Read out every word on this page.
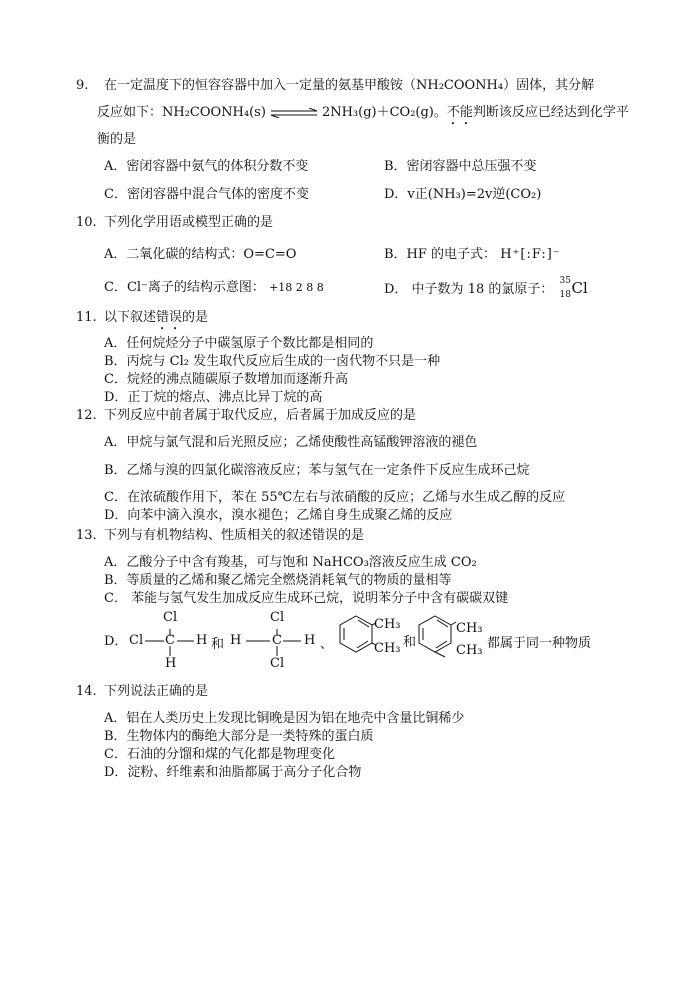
9. 在一定温度下的恒容容器中加入一定量的氨基甲酸铵（NH₂COONH₄）固体，其分解
反应如下：NH₂COONH₄(s) ⇌ 2NH₃(g)＋CO₂(g)。不能判断该反应已经达到化学平
衡的是
A．密闭容器中氨气的体积分数不变	B．密闭容器中总压强不变
C．密闭容器中混合气体的密度不变	D．v正(NH₃)=2v逆(CO₂)
10. 下列化学用语或模型正确的是
A．二氧化碳的结构式：O=C=O	B．HF 的电子式： H⁺[:F:]⁻
C．Cl⁻离子的结构示意图： +18 2 8 8	D． 中子数为 18 的氯原子：
35
18 Cl
11. 以下叙述错误的是
A．任何烷烃分子中碳氢原子个数比都是相同的
B．丙烷与 Cl₂ 发生取代反应后生成的一卤代物不只是一种
C．烷烃的沸点随碳原子数增加而逐渐升高
D．正丁烷的熔点、沸点比异丁烷的高
12. 下列反应中前者属于取代反应，后者属于加成反应的是
A．甲烷与氯气混和后光照反应；乙烯使酸性高锰酸钾溶液的褪色
B．乙烯与溴的四氯化碳溶液反应；苯与氢气在一定条件下反应生成环己烷
C．在浓硫酸作用下，苯在 55℃左右与浓硝酸的反应；乙烯与水生成乙醇的反应
D．向苯中滴入溴水，溴水褪色；乙烯自身生成聚乙烯的反应
13. 下列与有机物结构、性质相关的叙述错误的是
A．乙酸分子中含有羧基，可与饱和 NaHCO₃溶液反应生成 CO₂
B．等质量的乙烯和聚乙烯完全燃烧消耗氧气的物质的量相等
C． 苯能与氢气发生加成反应生成环己烷，说明苯分子中含有碳碳双键
D．
Cl
Cl C H
H
和
Cl
H C H
Cl
、
CH₃
CH₃ 和
CH₃
CH₃ 都属于同一种物质
14. 下列说法正确的是
A．铝在人类历史上发现比铜晚是因为铝在地壳中含量比铜稀少
B．生物体内的酶绝大部分是一类特殊的蛋白质
C．石油的分馏和煤的气化都是物理变化
D．淀粉、纤维素和油脂都属于高分子化合物
